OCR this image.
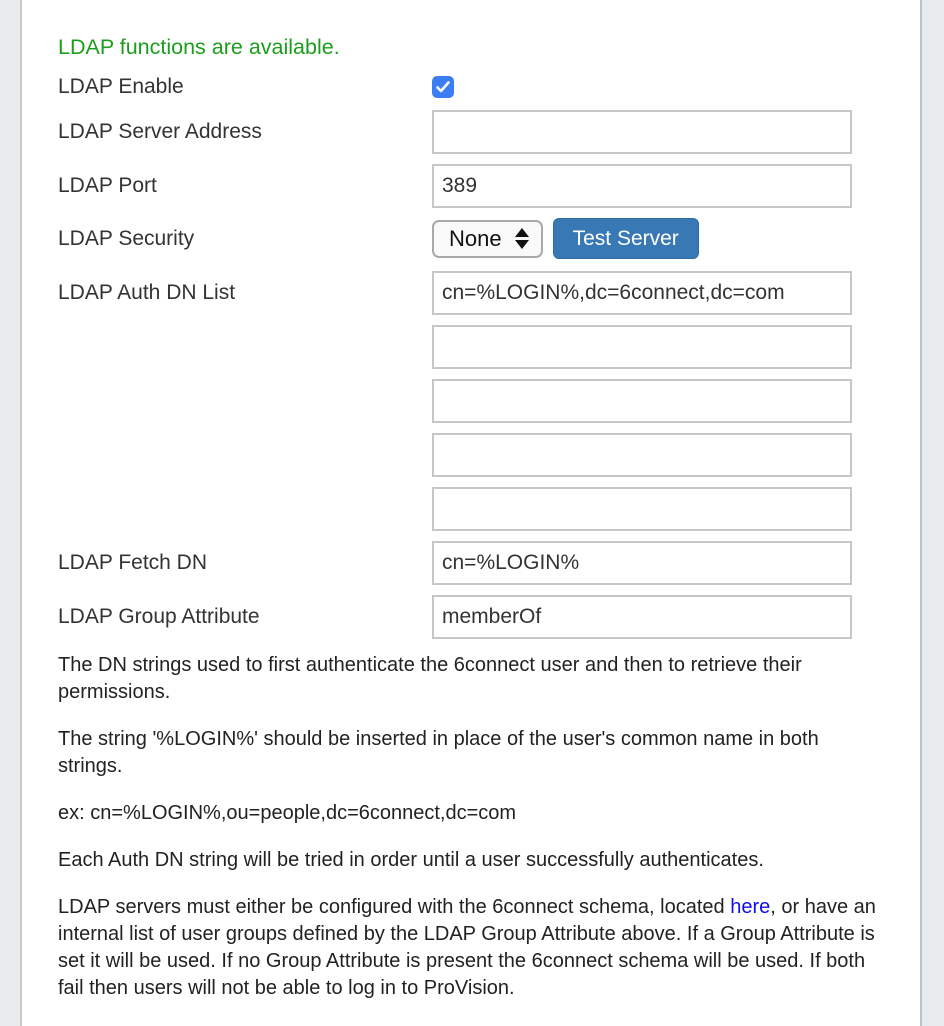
LDAP functions are available.
LDAP Enable
LDAP Server Address
LDAP Port
389
LDAP Security	None	Test Server
LDAP Auth DN List
cn=%LOGIN%,dc=6connect,dc=com
LDAP Fetch DN
cn=%LOGIN%
LDAP Group Attribute
memberOf

The DN strings used to first authenticate the 6connect user and then to retrieve their permissions.

The string '%LOGIN%' should be inserted in place of the user's common name in both strings.

ex: cn=%LOGIN%,ou=people,dc=6connect,dc=com

Each Auth DN string will be tried in order until a user successfully authenticates.

LDAP servers must either be configured with the 6connect schema, located here, or have an internal list of user groups defined by the LDAP Group Attribute above. If a Group Attribute is set it will be used. If no Group Attribute is present the 6connect schema will be used. If both fail then users will not be able to log in to ProVision.
